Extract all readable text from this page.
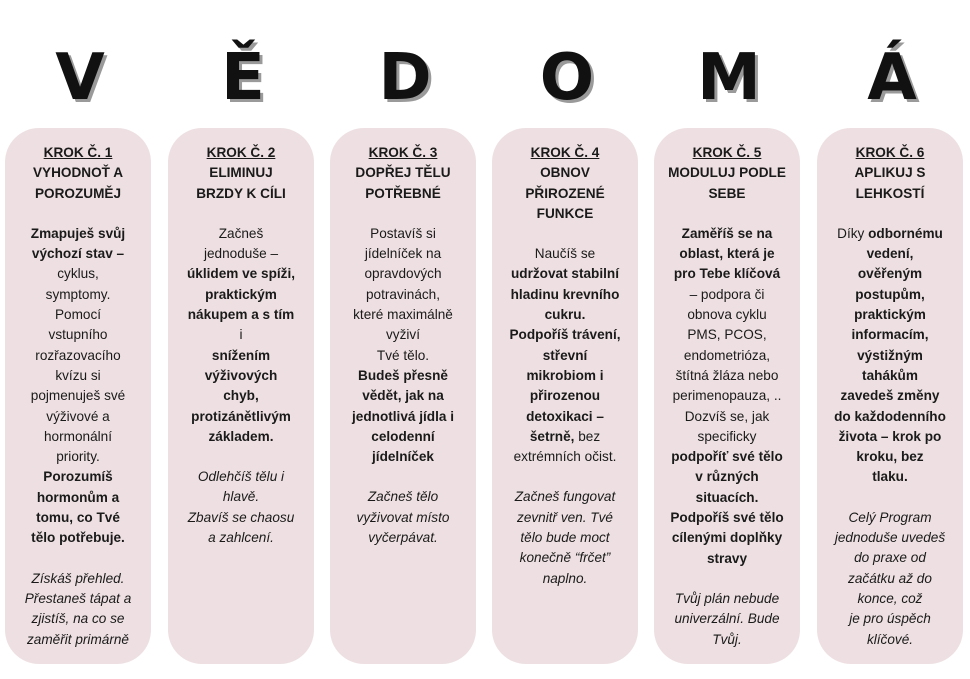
V	Ě	D	O	M	Á
KROK Č. 1
VYHODNOŤ A
POROZUMĚJ
Zmapuješ svůj
výchozí stav –
cyklus,
symptomy.
Pomocí
vstupního
rozřazovacího
kvízu si
pojmenuješ své
výživové a
hormonální
priority.
Porozumíš
hormonům a
tomu, co Tvé
tělo potřebuje.
Získáš přehled.
Přestaneš tápat a
zjistíš, na co se
zaměřit primárně
KROK Č. 2
ELIMINUJ
BRZDY K CÍLI
Začneš
jednoduše –
úklidem ve spíži,
praktickým
nákupem a s tím
i
snížením
výživových
chyb,
protizánětlivým
základem.
Odlehčíš tělu i
hlavě.
Zbavíš se chaosu
a zahlcení.
KROK Č. 3
DOPŘEJ TĚLU
POTŘEBNÉ
Postavíš si
jídelníček na
opravdových
potravinách,
které maximálně
vyživí
Tvé tělo.
Budeš přesně
vědět, jak na
jednotlivá jídla i
celodenní
jídelníček
Začneš tělo
vyživovat místo
vyčerpávat.
KROK Č. 4
OBNOV
PŘIROZENÉ
FUNKCE
Naučíš se
udržovat stabilní
hladinu krevního
cukru.
Podpoříš trávení,
střevní
mikrobiom i
přirozenou
detoxikaci –
šetrně, bez
extrémních očist.
Začneš fungovat
zevnitř ven. Tvé
tělo bude moct
konečně “frčet”
naplno.
KROK Č. 5
MODULUJ PODLE
SEBE
Zaměříš se na
oblast, která je
pro Tebe klíčová
– podpora či
obnova cyklu
PMS, PCOS,
endometrióza,
štítná žláza nebo
perimenopauza, ..
Dozvíš se, jak
specificky
podpoříť své tělo
v různých
situacích.
Podpoříš své tělo
cílenými doplňky
stravy
Tvůj plán nebude
univerzální. Bude
Tvůj.
KROK Č. 6
APLIKUJ S
LEHKOSTÍ
Díky odbornému
vedení,
ověřeným
postupům,
praktickým
informacím,
výstižným
tahákům
zavedeš změny
do každodenního
života – krok po
kroku, bez
tlaku.
Celý Program
jednoduše uvedeš
do praxe od
začátku až do
konce, což
je pro úspěch
klíčové.
